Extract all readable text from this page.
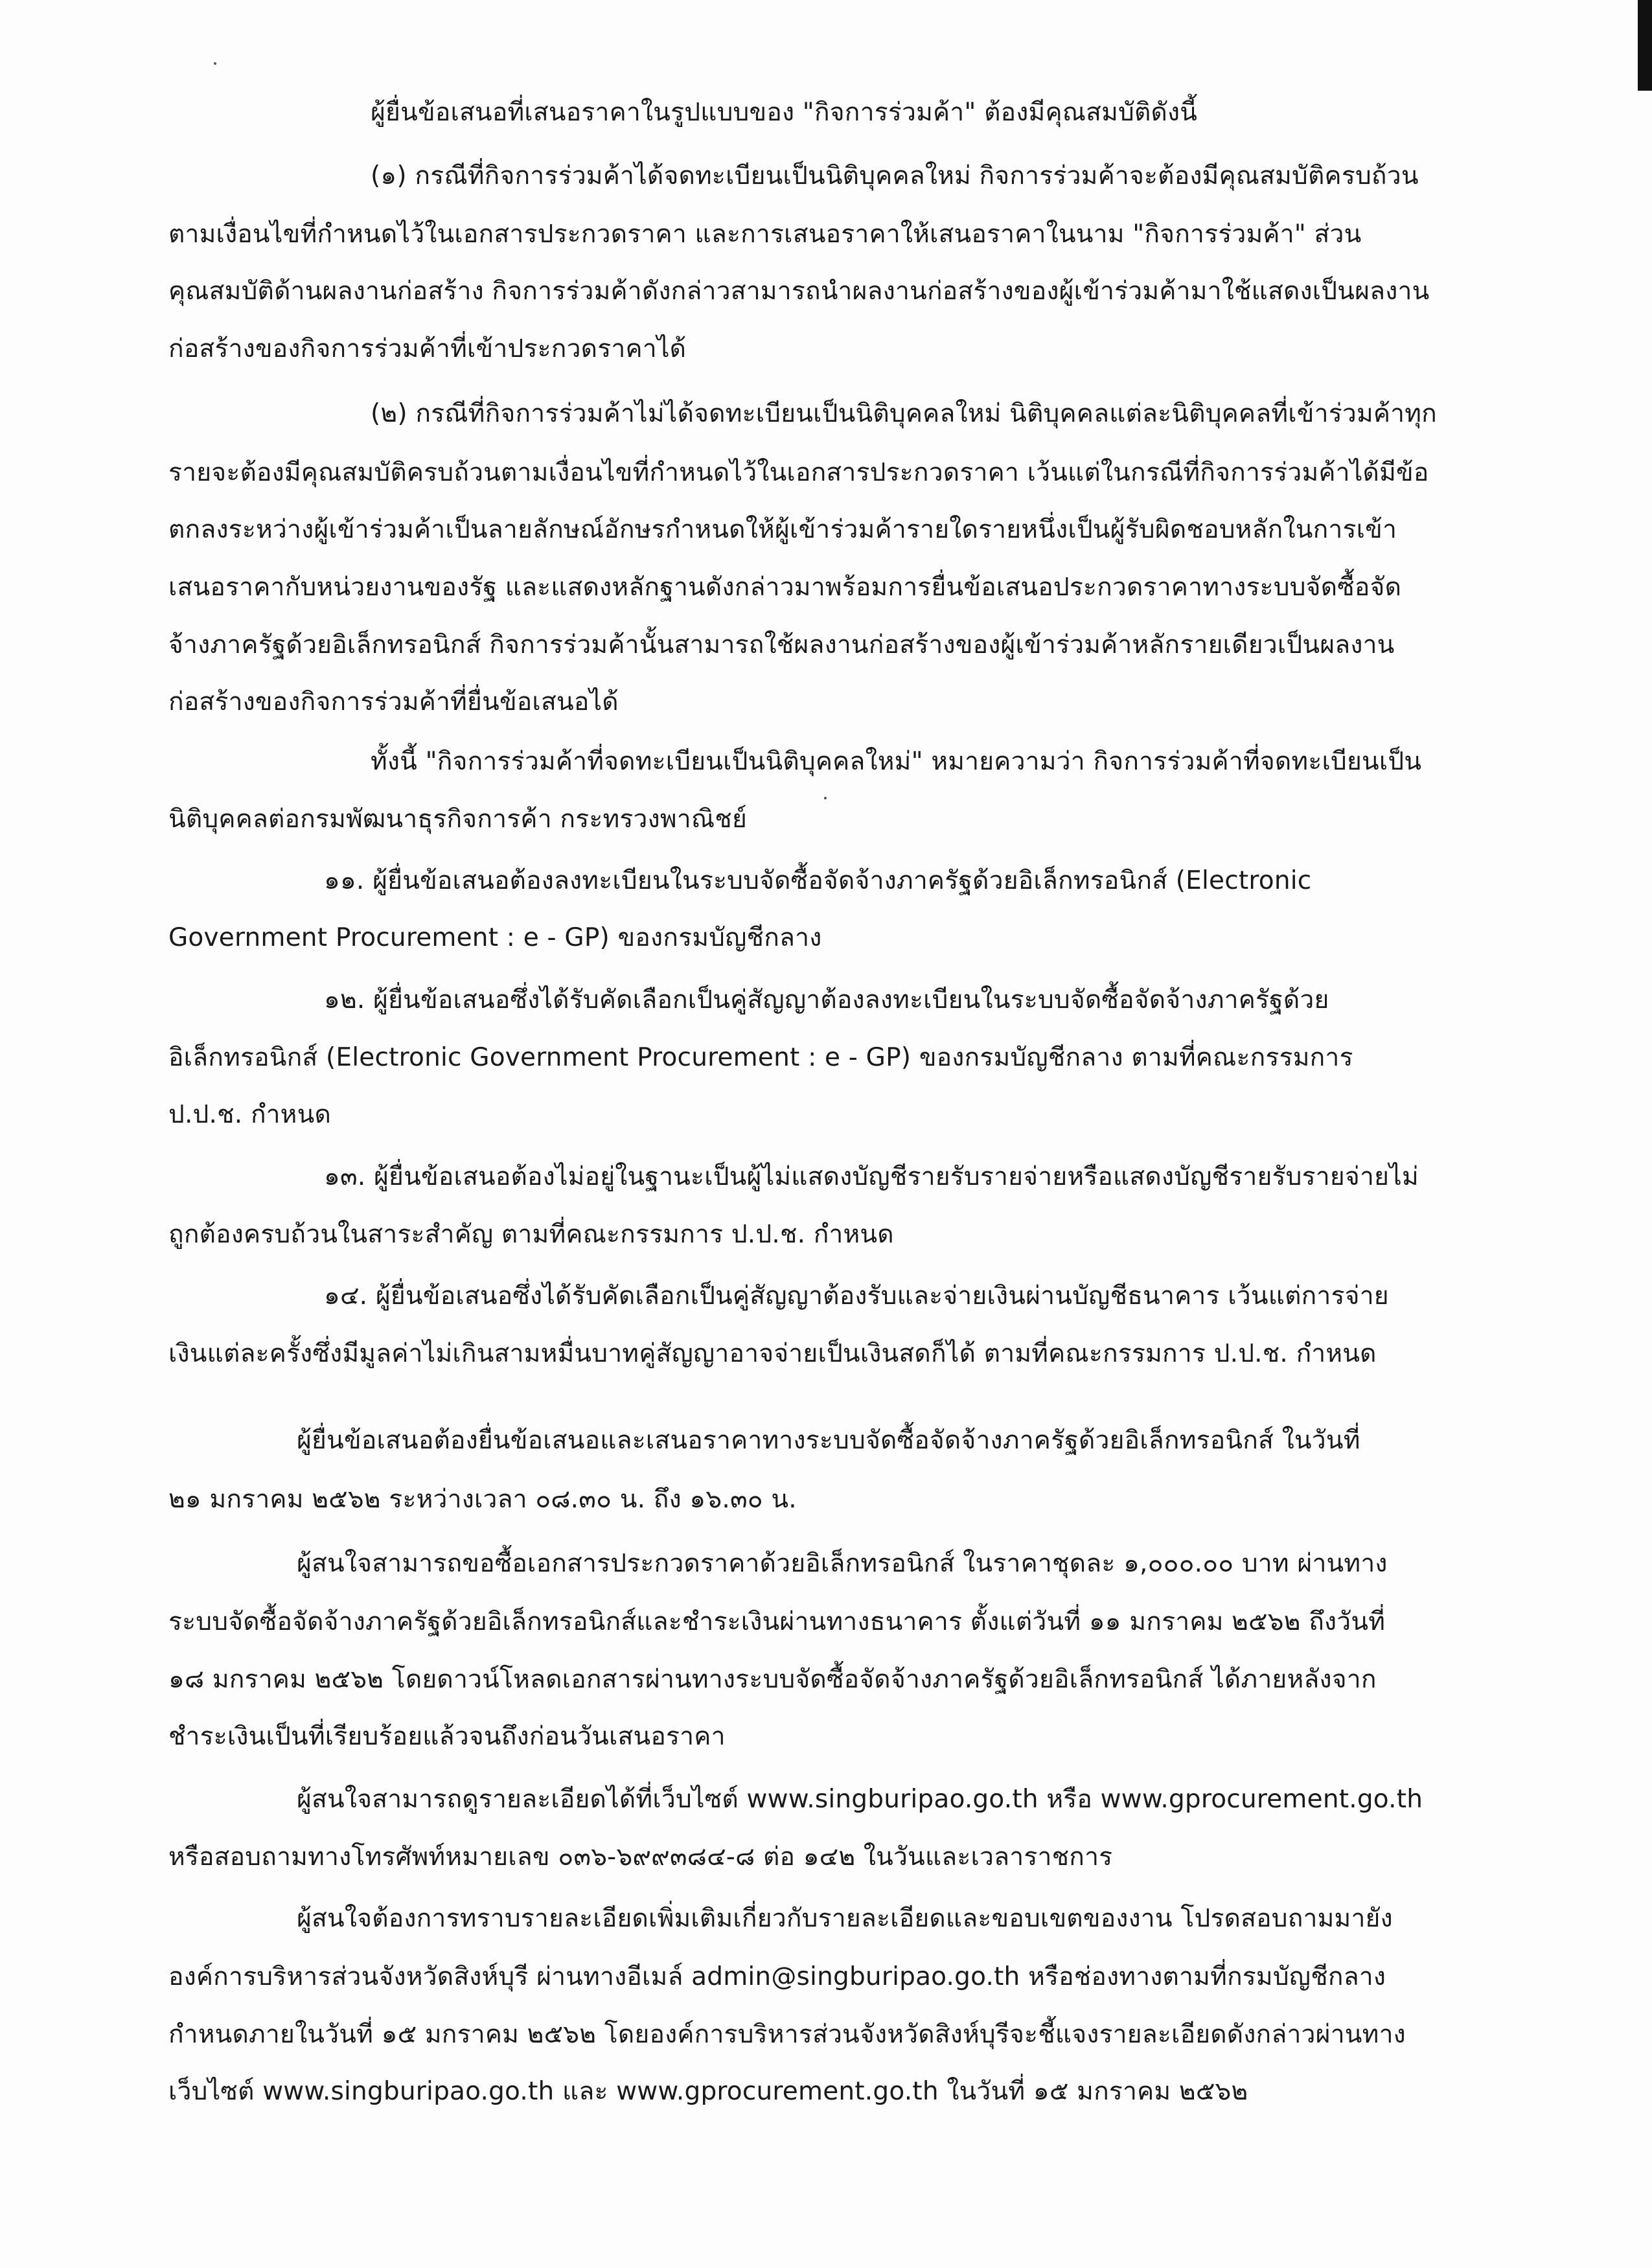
ผู้ยื่นข้อเสนอที่เสนอราคาในรูปแบบของ "กิจการร่วมค้า" ต้องมีคุณสมบัติดังนี้
(๑) กรณีที่กิจการร่วมค้าได้จดทะเบียนเป็นนิติบุคคลใหม่ กิจการร่วมค้าจะต้องมีคุณสมบัติครบถ้วน
ตามเงื่อนไขที่กำหนดไว้ในเอกสารประกวดราคา และการเสนอราคาให้เสนอราคาในนาม "กิจการร่วมค้า" ส่วน
คุณสมบัติด้านผลงานก่อสร้าง กิจการร่วมค้าดังกล่าวสามารถนำผลงานก่อสร้างของผู้เข้าร่วมค้ามาใช้แสดงเป็นผลงาน
ก่อสร้างของกิจการร่วมค้าที่เข้าประกวดราคาได้
(๒) กรณีที่กิจการร่วมค้าไม่ได้จดทะเบียนเป็นนิติบุคคลใหม่ นิติบุคคลแต่ละนิติบุคคลที่เข้าร่วมค้าทุก
รายจะต้องมีคุณสมบัติครบถ้วนตามเงื่อนไขที่กำหนดไว้ในเอกสารประกวดราคา เว้นแต่ในกรณีที่กิจการร่วมค้าได้มีข้อ
ตกลงระหว่างผู้เข้าร่วมค้าเป็นลายลักษณ์อักษรกำหนดให้ผู้เข้าร่วมค้ารายใดรายหนึ่งเป็นผู้รับผิดชอบหลักในการเข้า
เสนอราคากับหน่วยงานของรัฐ และแสดงหลักฐานดังกล่าวมาพร้อมการยื่นข้อเสนอประกวดราคาทางระบบจัดซื้อจัด
จ้างภาครัฐด้วยอิเล็กทรอนิกส์ กิจการร่วมค้านั้นสามารถใช้ผลงานก่อสร้างของผู้เข้าร่วมค้าหลักรายเดียวเป็นผลงาน
ก่อสร้างของกิจการร่วมค้าที่ยื่นข้อเสนอได้
ทั้งนี้ "กิจการร่วมค้าที่จดทะเบียนเป็นนิติบุคคลใหม่" หมายความว่า กิจการร่วมค้าที่จดทะเบียนเป็น
นิติบุคคลต่อกรมพัฒนาธุรกิจการค้า กระทรวงพาณิชย์
๑๑. ผู้ยื่นข้อเสนอต้องลงทะเบียนในระบบจัดซื้อจัดจ้างภาครัฐด้วยอิเล็กทรอนิกส์ (Electronic
Government Procurement : e - GP) ของกรมบัญชีกลาง
๑๒. ผู้ยื่นข้อเสนอซึ่งได้รับคัดเลือกเป็นคู่สัญญาต้องลงทะเบียนในระบบจัดซื้อจัดจ้างภาครัฐด้วย
อิเล็กทรอนิกส์ (Electronic Government Procurement : e - GP) ของกรมบัญชีกลาง ตามที่คณะกรรมการ
ป.ป.ช. กำหนด
๑๓. ผู้ยื่นข้อเสนอต้องไม่อยู่ในฐานะเป็นผู้ไม่แสดงบัญชีรายรับรายจ่ายหรือแสดงบัญชีรายรับรายจ่ายไม่
ถูกต้องครบถ้วนในสาระสำคัญ ตามที่คณะกรรมการ ป.ป.ช. กำหนด
๑๔. ผู้ยื่นข้อเสนอซึ่งได้รับคัดเลือกเป็นคู่สัญญาต้องรับและจ่ายเงินผ่านบัญชีธนาคาร เว้นแต่การจ่าย
เงินแต่ละครั้งซึ่งมีมูลค่าไม่เกินสามหมื่นบาทคู่สัญญาอาจจ่ายเป็นเงินสดก็ได้ ตามที่คณะกรรมการ ป.ป.ช. กำหนด
ผู้ยื่นข้อเสนอต้องยื่นข้อเสนอและเสนอราคาทางระบบจัดซื้อจัดจ้างภาครัฐด้วยอิเล็กทรอนิกส์ ในวันที่
๒๑ มกราคม ๒๕๖๒ ระหว่างเวลา ๐๘.๓๐ น. ถึง ๑๖.๓๐ น.
ผู้สนใจสามารถขอซื้อเอกสารประกวดราคาด้วยอิเล็กทรอนิกส์ ในราคาชุดละ ๑,๐๐๐.๐๐ บาท ผ่านทาง
ระบบจัดซื้อจัดจ้างภาครัฐด้วยอิเล็กทรอนิกส์และชำระเงินผ่านทางธนาคาร ตั้งแต่วันที่ ๑๑ มกราคม ๒๕๖๒ ถึงวันที่
๑๘ มกราคม ๒๕๖๒ โดยดาวน์โหลดเอกสารผ่านทางระบบจัดซื้อจัดจ้างภาครัฐด้วยอิเล็กทรอนิกส์ ได้ภายหลังจาก
ชำระเงินเป็นที่เรียบร้อยแล้วจนถึงก่อนวันเสนอราคา
ผู้สนใจสามารถดูรายละเอียดได้ที่เว็บไซต์ www.singburipao.go.th หรือ www.gprocurement.go.th
หรือสอบถามทางโทรศัพท์หมายเลข ๐๓๖-๖๙๙๓๘๔-๘ ต่อ ๑๔๒ ในวันและเวลาราชการ
ผู้สนใจต้องการทราบรายละเอียดเพิ่มเติมเกี่ยวกับรายละเอียดและขอบเขตของงาน โปรดสอบถามมายัง
องค์การบริหารส่วนจังหวัดสิงห์บุรี ผ่านทางอีเมล์ admin@singburipao.go.th หรือช่องทางตามที่กรมบัญชีกลาง
กำหนดภายในวันที่ ๑๕ มกราคม ๒๕๖๒ โดยองค์การบริหารส่วนจังหวัดสิงห์บุรีจะชี้แจงรายละเอียดดังกล่าวผ่านทาง
เว็บไซต์ www.singburipao.go.th และ www.gprocurement.go.th ในวันที่ ๑๕ มกราคม ๒๕๖๒
